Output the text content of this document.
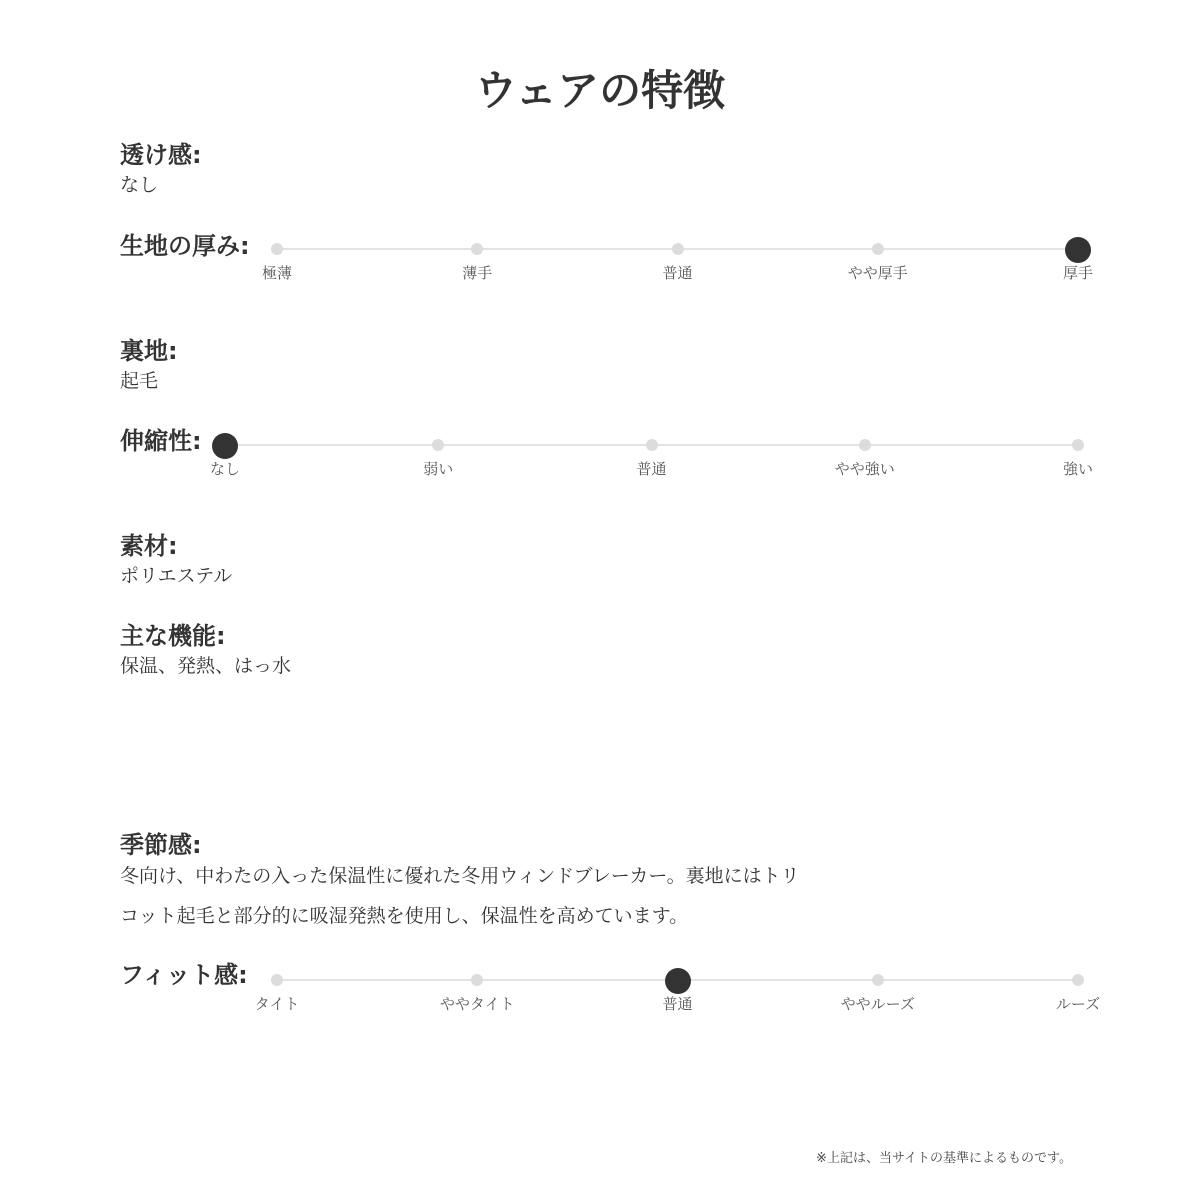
ウェアの特徴
透け感:
なし
生地の厚み:
極薄	薄手	普通	やや厚手	厚手
裏地:
起毛
伸縮性:
なし	弱い	普通	やや強い	強い
素材:
ポリエステル
主な機能:
保温、発熱、はっ水
季節感:
冬向け、中わたの入った保温性に優れた冬用ウィンドブレーカー。裏地にはトリ
コット起毛と部分的に吸湿発熱を使用し、保温性を高めています。
フィット感:
タイト	ややタイト	普通	ややルーズ	ルーズ
※上記は、当サイトの基準によるものです。
